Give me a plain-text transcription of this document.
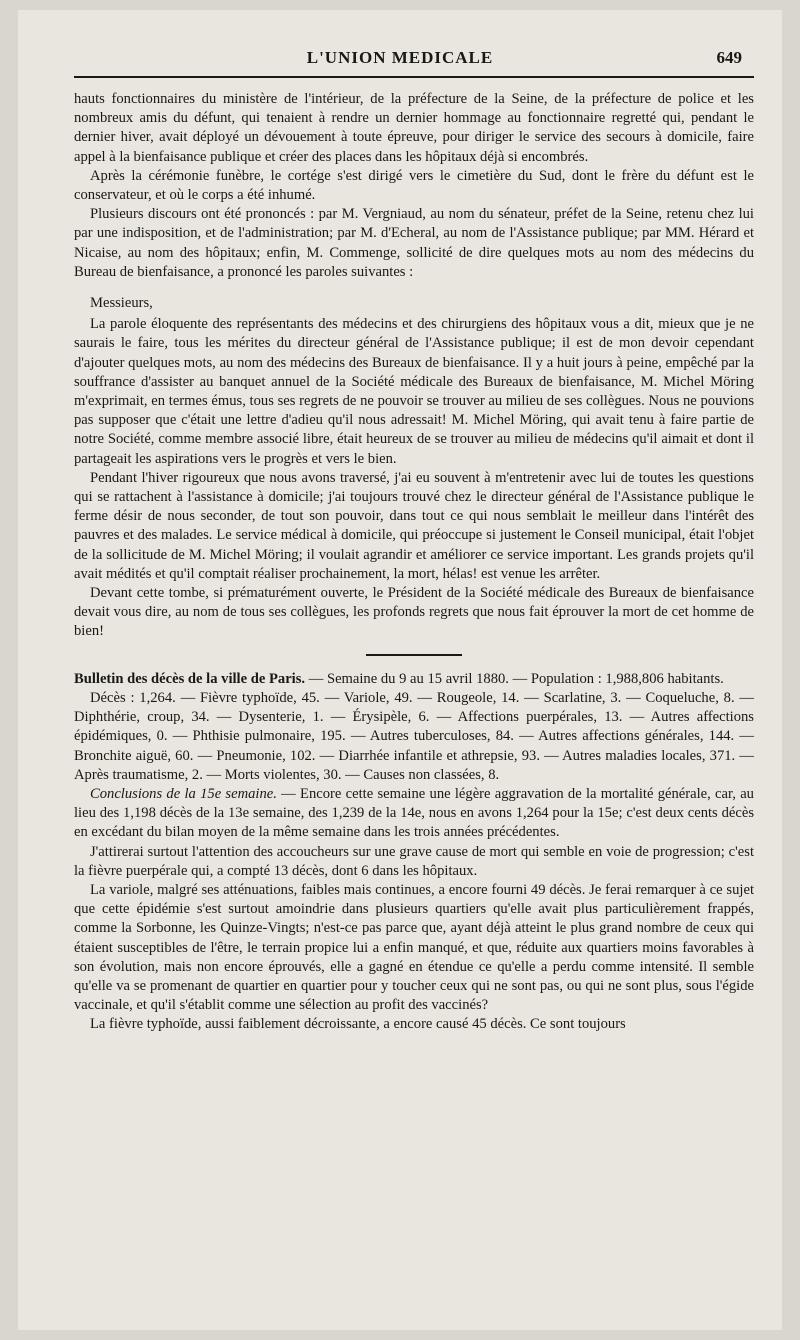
L'UNION MEDICALE	649

hauts fonctionnaires du ministère de l'intérieur, de la préfecture de la Seine, de la préfecture de police et les nombreux amis du défunt, qui tenaient à rendre un dernier hommage au fonctionnaire regretté qui, pendant le dernier hiver, avait déployé un dévouement à toute épreuve, pour diriger le service des secours à domicile, faire appel à la bienfaisance publique et créer des places dans les hôpitaux déjà si encombrés.

Après la cérémonie funèbre, le cortége s'est dirigé vers le cimetière du Sud, dont le frère du défunt est le conservateur, et où le corps a été inhumé.

Plusieurs discours ont été prononcés : par M. Vergniaud, au nom du sénateur, préfet de la Seine, retenu chez lui par une indisposition, et de l'administration; par M. d'Echeral, au nom de l'Assistance publique; par MM. Hérard et Nicaise, au nom des hôpitaux; enfin, M. Commenge, sollicité de dire quelques mots au nom des médecins du Bureau de bienfaisance, a prononcé les paroles suivantes :

Messieurs,

La parole éloquente des représentants des médecins et des chirurgiens des hôpitaux vous a dit, mieux que je ne saurais le faire, tous les mérites du directeur général de l'Assistance publique; il est de mon devoir cependant d'ajouter quelques mots, au nom des médecins des Bureaux de bienfaisance. Il y a huit jours à peine, empêché par la souffrance d'assister au banquet annuel de la Société médicale des Bureaux de bienfaisance, M. Michel Möring m'exprimait, en termes émus, tous ses regrets de ne pouvoir se trouver au milieu de ses collègues. Nous ne pouvions pas supposer que c'était une lettre d'adieu qu'il nous adressait! M. Michel Möring, qui avait tenu à faire partie de notre Société, comme membre associé libre, était heureux de se trouver au milieu de médecins qu'il aimait et dont il partageait les aspirations vers le progrès et vers le bien.

Pendant l'hiver rigoureux que nous avons traversé, j'ai eu souvent à m'entretenir avec lui de toutes les questions qui se rattachent à l'assistance à domicile; j'ai toujours trouvé chez le directeur général de l'Assistance publique le ferme désir de nous seconder, de tout son pouvoir, dans tout ce qui nous semblait le meilleur dans l'intérêt des pauvres et des malades. Le service médical à domicile, qui préoccupe si justement le Conseil municipal, était l'objet de la sollicitude de M. Michel Möring; il voulait agrandir et améliorer ce service important. Les grands projets qu'il avait médités et qu'il comptait réaliser prochainement, la mort, hélas! est venue les arrêter.

Devant cette tombe, si prématurément ouverte, le Président de la Société médicale des Bureaux de bienfaisance devait vous dire, au nom de tous ses collègues, les profonds regrets que nous fait éprouver la mort de cet homme de bien!

Bulletin des décès de la ville de Paris. — Semaine du 9 au 15 avril 1880. — Population : 1,988,806 habitants.

Décès : 1,264. — Fièvre typhoïde, 45. — Variole, 49. — Rougeole, 14. — Scarlatine, 3. — Coqueluche, 8. — Diphthérie, croup, 34. — Dysenterie, 1. — Érysipèle, 6. — Affections puerpérales, 13. — Autres affections épidémiques, 0. — Phthisie pulmonaire, 195. — Autres tuberculoses, 84. — Autres affections générales, 144. — Bronchite aiguë, 60. — Pneumonie, 102. — Diarrhée infantile et athrepsie, 93. — Autres maladies locales, 371. — Après traumatisme, 2. — Morts violentes, 30. — Causes non classées, 8.

Conclusions de la 15e semaine. — Encore cette semaine une légère aggravation de la mortalité générale, car, au lieu des 1,198 décès de la 13e semaine, des 1,239 de la 14e, nous en avons 1,264 pour la 15e; c'est deux cents décès en excédant du bilan moyen de la même semaine dans les trois années précédentes.

J'attirerai surtout l'attention des accoucheurs sur une grave cause de mort qui semble en voie de progression; c'est la fièvre puerpérale qui, a compté 13 décès, dont 6 dans les hôpitaux.

La variole, malgré ses atténuations, faibles mais continues, a encore fourni 49 décès. Je ferai remarquer à ce sujet que cette épidémie s'est surtout amoindrie dans plusieurs quartiers qu'elle avait plus particulièrement frappés, comme la Sorbonne, les Quinze-Vingts; n'est-ce pas parce que, ayant déjà atteint le plus grand nombre de ceux qui étaient susceptibles de l'être, le terrain propice lui a enfin manqué, et que, réduite aux quartiers moins favorables à son évolution, mais non encore éprouvés, elle a gagné en étendue ce qu'elle a perdu comme intensité. Il semble qu'elle va se promenant de quartier en quartier pour y toucher ceux qui ne sont pas, ou qui ne sont plus, sous l'égide vaccinale, et qu'il s'établit comme une sélection au profit des vaccinés?

La fièvre typhoïde, aussi faiblement décroissante, a encore causé 45 décès. Ce sont toujours
